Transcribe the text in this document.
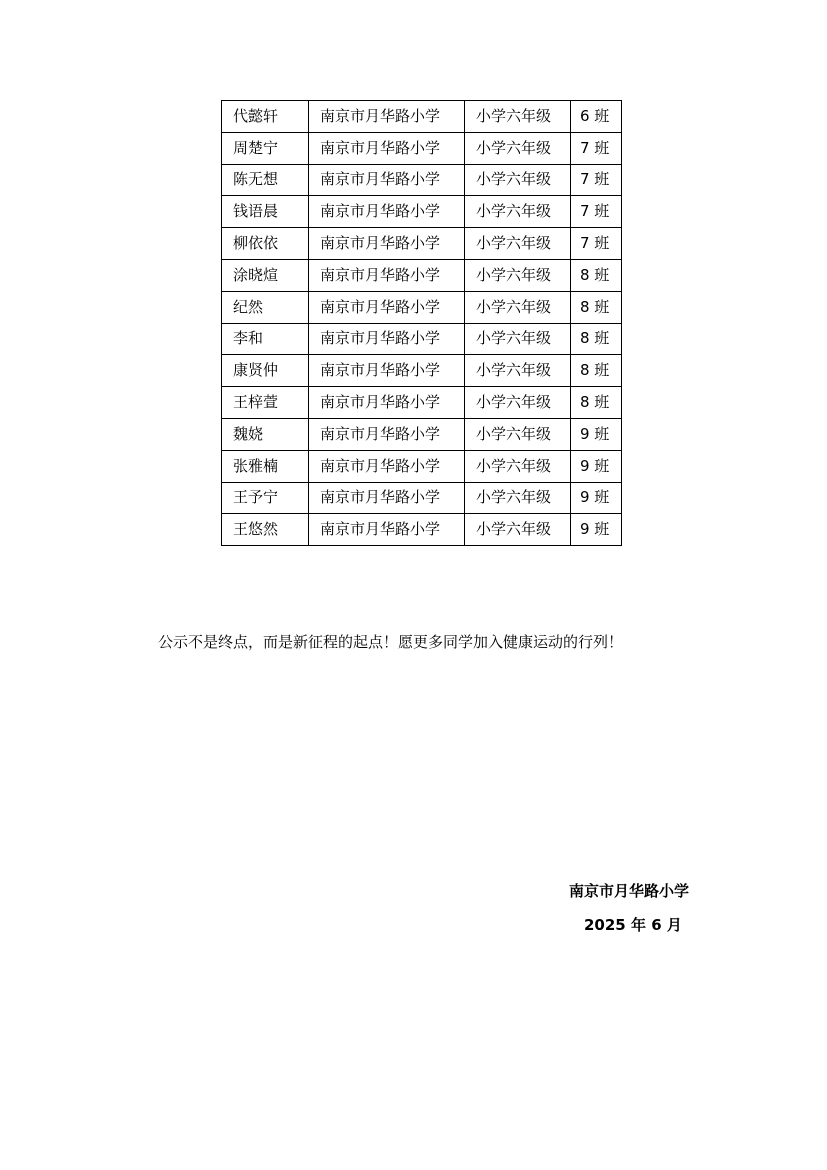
代懿轩	南京市月华路小学	小学六年级	6 班
周楚宁	南京市月华路小学	小学六年级	7 班
陈无想	南京市月华路小学	小学六年级	7 班
钱语晨	南京市月华路小学	小学六年级	7 班
柳依依	南京市月华路小学	小学六年级	7 班
涂晓煊	南京市月华路小学	小学六年级	8 班
纪然	南京市月华路小学	小学六年级	8 班
李和	南京市月华路小学	小学六年级	8 班
康贤仲	南京市月华路小学	小学六年级	8 班
王梓萱	南京市月华路小学	小学六年级	8 班
魏娆	南京市月华路小学	小学六年级	9 班
张雅楠	南京市月华路小学	小学六年级	9 班
王予宁	南京市月华路小学	小学六年级	9 班
王悠然	南京市月华路小学	小学六年级	9 班
公示不是终点，而是新征程的起点！愿更多同学加入健康运动的行列！
南京市月华路小学
2025 年 6 月
